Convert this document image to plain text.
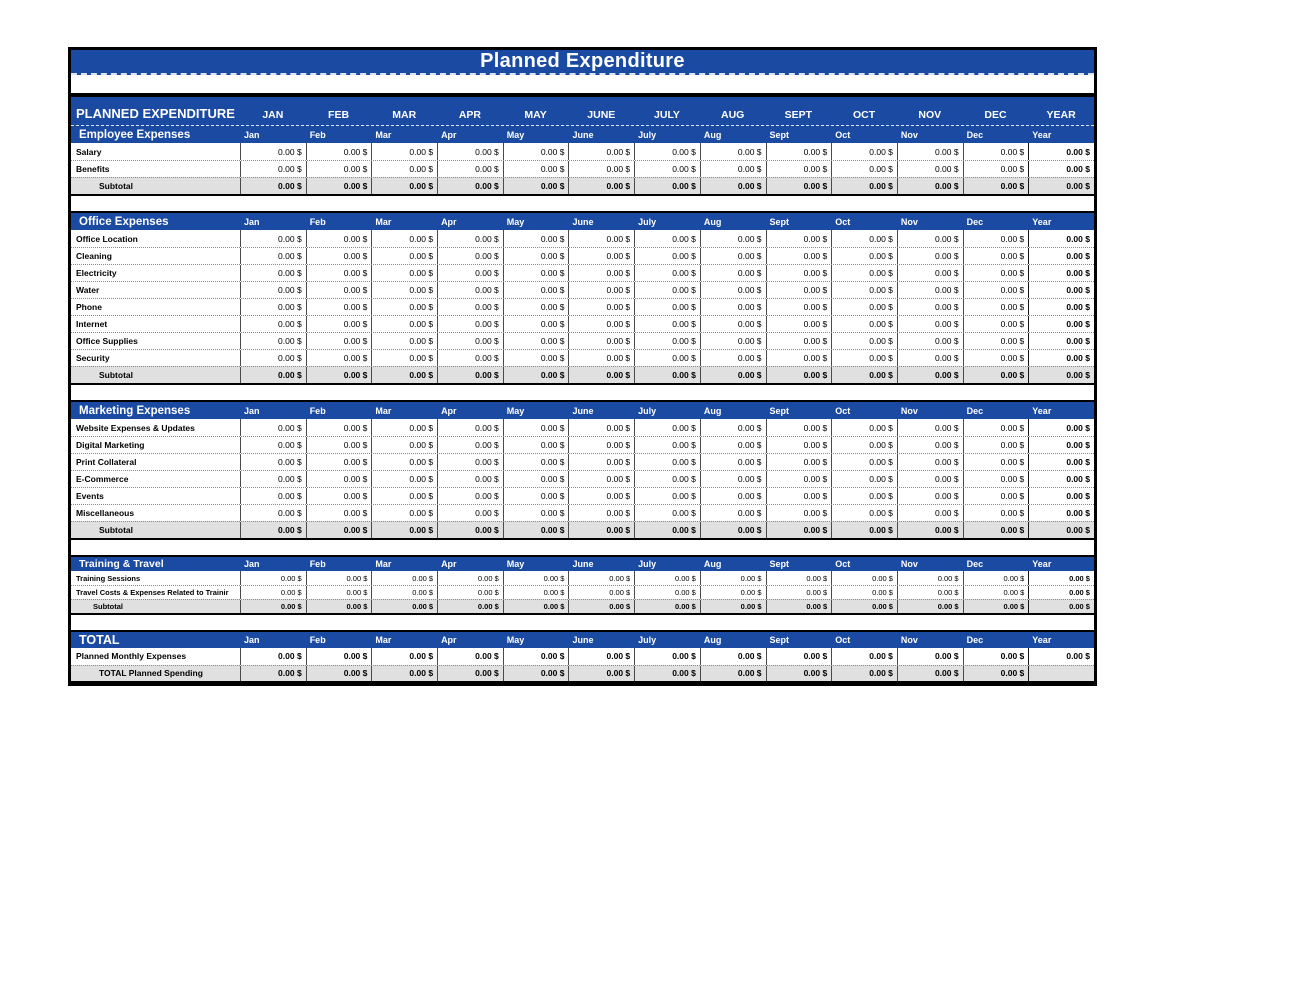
Planned Expenditure
PLANNED EXPENDITURE	JAN	FEB	MAR	APR	MAY	JUNE	JULY	AUG	SEPT	OCT	NOV	DEC	YEAR
Employee Expenses	Jan	Feb	Mar	Apr	May	June	July	Aug	Sept	Oct	Nov	Dec	Year
Salary	0.00 $	0.00 $	0.00 $	0.00 $	0.00 $	0.00 $	0.00 $	0.00 $	0.00 $	0.00 $	0.00 $	0.00 $	0.00 $
Benefits	0.00 $	0.00 $	0.00 $	0.00 $	0.00 $	0.00 $	0.00 $	0.00 $	0.00 $	0.00 $	0.00 $	0.00 $	0.00 $
Subtotal	0.00 $	0.00 $	0.00 $	0.00 $	0.00 $	0.00 $	0.00 $	0.00 $	0.00 $	0.00 $	0.00 $	0.00 $	0.00 $
Office Expenses	Jan	Feb	Mar	Apr	May	June	July	Aug	Sept	Oct	Nov	Dec	Year
Office Location	0.00 $	0.00 $	0.00 $	0.00 $	0.00 $	0.00 $	0.00 $	0.00 $	0.00 $	0.00 $	0.00 $	0.00 $	0.00 $
Cleaning	0.00 $	0.00 $	0.00 $	0.00 $	0.00 $	0.00 $	0.00 $	0.00 $	0.00 $	0.00 $	0.00 $	0.00 $	0.00 $
Electricity	0.00 $	0.00 $	0.00 $	0.00 $	0.00 $	0.00 $	0.00 $	0.00 $	0.00 $	0.00 $	0.00 $	0.00 $	0.00 $
Water	0.00 $	0.00 $	0.00 $	0.00 $	0.00 $	0.00 $	0.00 $	0.00 $	0.00 $	0.00 $	0.00 $	0.00 $	0.00 $
Phone	0.00 $	0.00 $	0.00 $	0.00 $	0.00 $	0.00 $	0.00 $	0.00 $	0.00 $	0.00 $	0.00 $	0.00 $	0.00 $
Internet	0.00 $	0.00 $	0.00 $	0.00 $	0.00 $	0.00 $	0.00 $	0.00 $	0.00 $	0.00 $	0.00 $	0.00 $	0.00 $
Office Supplies	0.00 $	0.00 $	0.00 $	0.00 $	0.00 $	0.00 $	0.00 $	0.00 $	0.00 $	0.00 $	0.00 $	0.00 $	0.00 $
Security	0.00 $	0.00 $	0.00 $	0.00 $	0.00 $	0.00 $	0.00 $	0.00 $	0.00 $	0.00 $	0.00 $	0.00 $	0.00 $
Subtotal	0.00 $	0.00 $	0.00 $	0.00 $	0.00 $	0.00 $	0.00 $	0.00 $	0.00 $	0.00 $	0.00 $	0.00 $	0.00 $
Marketing Expenses	Jan	Feb	Mar	Apr	May	June	July	Aug	Sept	Oct	Nov	Dec	Year
Website Expenses & Updates	0.00 $	0.00 $	0.00 $	0.00 $	0.00 $	0.00 $	0.00 $	0.00 $	0.00 $	0.00 $	0.00 $	0.00 $	0.00 $
Digital Marketing	0.00 $	0.00 $	0.00 $	0.00 $	0.00 $	0.00 $	0.00 $	0.00 $	0.00 $	0.00 $	0.00 $	0.00 $	0.00 $
Print Collateral	0.00 $	0.00 $	0.00 $	0.00 $	0.00 $	0.00 $	0.00 $	0.00 $	0.00 $	0.00 $	0.00 $	0.00 $	0.00 $
E-Commerce	0.00 $	0.00 $	0.00 $	0.00 $	0.00 $	0.00 $	0.00 $	0.00 $	0.00 $	0.00 $	0.00 $	0.00 $	0.00 $
Events	0.00 $	0.00 $	0.00 $	0.00 $	0.00 $	0.00 $	0.00 $	0.00 $	0.00 $	0.00 $	0.00 $	0.00 $	0.00 $
Miscellaneous	0.00 $	0.00 $	0.00 $	0.00 $	0.00 $	0.00 $	0.00 $	0.00 $	0.00 $	0.00 $	0.00 $	0.00 $	0.00 $
Subtotal	0.00 $	0.00 $	0.00 $	0.00 $	0.00 $	0.00 $	0.00 $	0.00 $	0.00 $	0.00 $	0.00 $	0.00 $	0.00 $
Training & Travel	Jan	Feb	Mar	Apr	May	June	July	Aug	Sept	Oct	Nov	Dec	Year
Training Sessions	0.00 $	0.00 $	0.00 $	0.00 $	0.00 $	0.00 $	0.00 $	0.00 $	0.00 $	0.00 $	0.00 $	0.00 $	0.00 $
Travel Costs & Expenses Related to Trainir	0.00 $	0.00 $	0.00 $	0.00 $	0.00 $	0.00 $	0.00 $	0.00 $	0.00 $	0.00 $	0.00 $	0.00 $	0.00 $
Subtotal	0.00 $	0.00 $	0.00 $	0.00 $	0.00 $	0.00 $	0.00 $	0.00 $	0.00 $	0.00 $	0.00 $	0.00 $	0.00 $
TOTAL	Jan	Feb	Mar	Apr	May	June	July	Aug	Sept	Oct	Nov	Dec	Year
Planned Monthly Expenses	0.00 $	0.00 $	0.00 $	0.00 $	0.00 $	0.00 $	0.00 $	0.00 $	0.00 $	0.00 $	0.00 $	0.00 $	0.00 $
TOTAL Planned Spending	0.00 $	0.00 $	0.00 $	0.00 $	0.00 $	0.00 $	0.00 $	0.00 $	0.00 $	0.00 $	0.00 $	0.00 $
